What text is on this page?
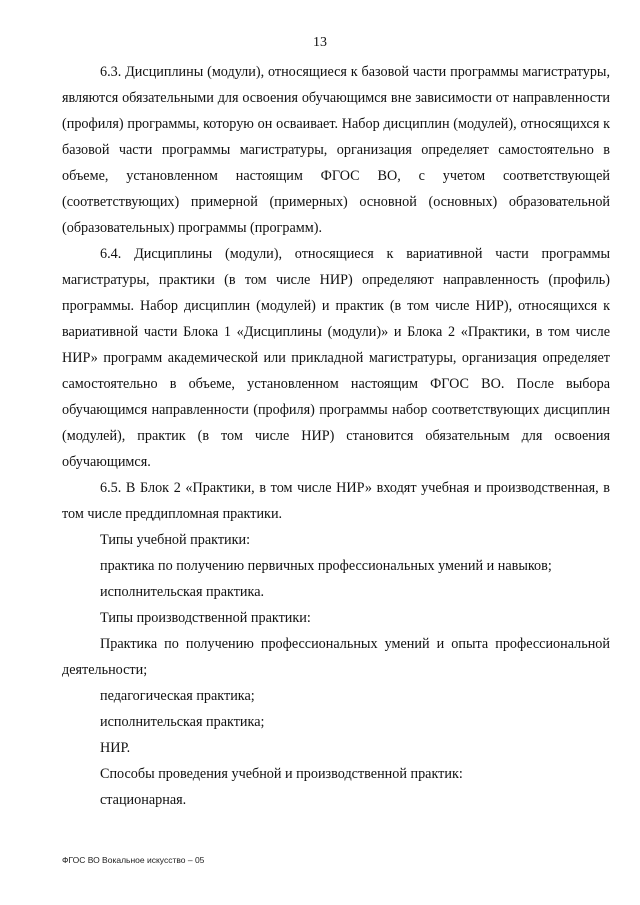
13

6.3. Дисциплины (модули), относящиеся к базовой части программы магистратуры, являются обязательными для освоения обучающимся вне зависимости от направленности (профиля) программы, которую он осваивает. Набор дисциплин (модулей), относящихся к базовой части программы магистратуры, организация определяет самостоятельно в объеме, установленном настоящим ФГОС ВО, с учетом соответствующей (соответствующих) примерной (примерных) основной (основных) образовательной (образовательных) программы (программ).

6.4. Дисциплины (модули), относящиеся к вариативной части программы магистратуры, практики (в том числе НИР) определяют направленность (профиль) программы. Набор дисциплин (модулей) и практик (в том числе НИР), относящихся к вариативной части Блока 1 «Дисциплины (модули)» и Блока 2 «Практики, в том числе НИР» программ академической или прикладной магистратуры, организация определяет самостоятельно в объеме, установленном настоящим ФГОС ВО. После выбора обучающимся направленности (профиля) программы набор соответствующих дисциплин (модулей), практик (в том числе НИР) становится обязательным для освоения обучающимся.

6.5. В Блок 2 «Практики, в том числе НИР» входят учебная и производственная, в том числе преддипломная практики.

Типы учебной практики:

практика по получению первичных профессиональных умений и навыков;

исполнительская практика.

Типы производственной практики:

Практика по получению профессиональных умений и опыта профессиональной деятельности;

педагогическая практика;

исполнительская практика;

НИР.

Способы проведения учебной и производственной практик:

стационарная.

ФГОС ВО Вокальное искусство – 05
